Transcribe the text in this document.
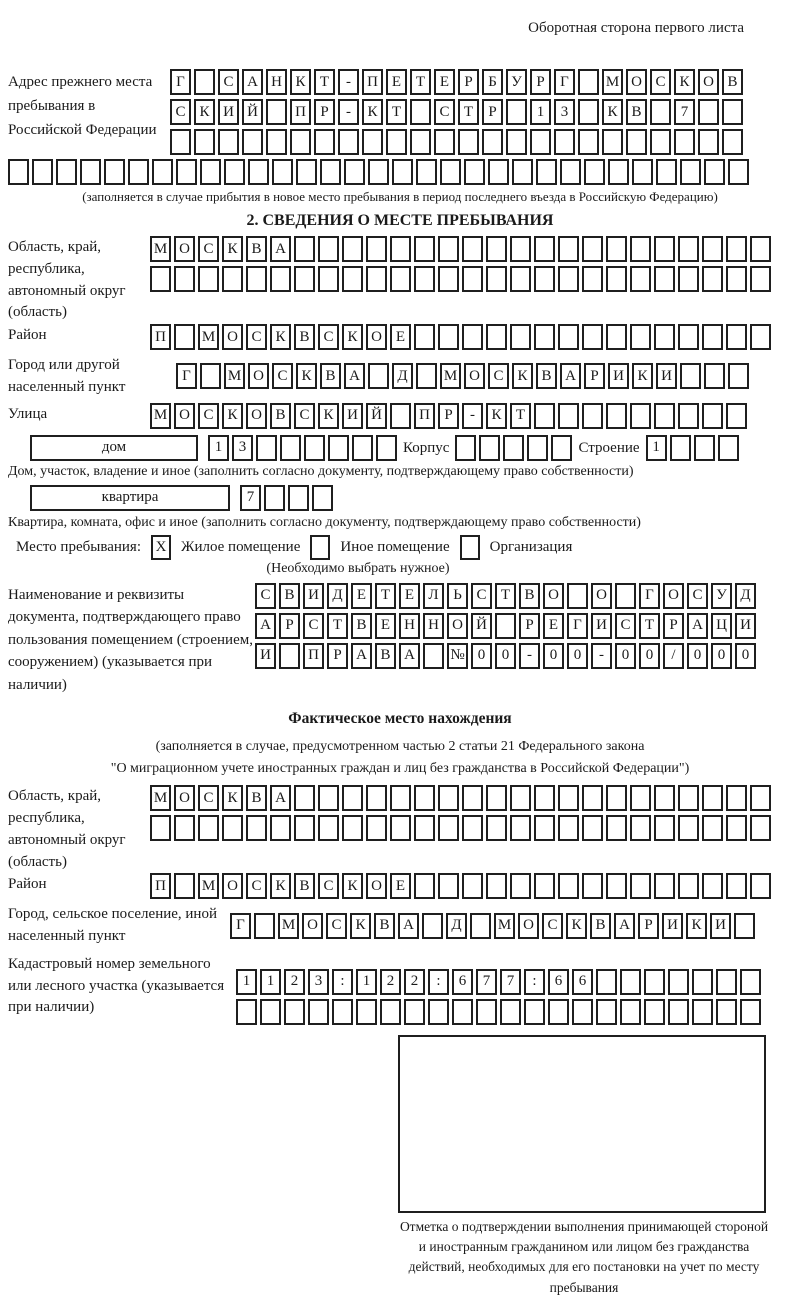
Оборотная сторона первого листа
Адрес прежнего места пребывания в Российской Федерации
Г	С А Н К Т	-	П Е Т Е	Р	Б У Р	Г	М О С К О В
С К И Й	П Р	-	К Т	С Т	Р	1	3	К В	7
(заполняется в случае прибытия в новое место пребывания в период последнего въезда в Российскую Федерацию)
2. СВЕДЕНИЯ О МЕСТЕ ПРЕБЫВАНИЯ
Область, край, республика, автономный округ (область)
М О С К В А
Район	П	М О С К В С К О Е
Город или другой населенный пункт
Г	М О С К В А	Д	М О С К В А Р И К И
Улица	М О С К О В С К И Й	П Р	-	К Т
дом	1	3	Корпус	Строение 1
Дом, участок, владение и иное (заполнить согласно документу, подтверждающему право собственности)
квартира	7
Квартира, комната, офис и иное (заполнить согласно документу, подтверждающему право собственности)
Место пребывания: X Жилое помещение	Иное помещение	Организация
(Необходимо выбрать нужное)
Наименование и реквизиты документа, подтверждающего право пользования помещением (строением, сооружением) (указывается при наличии)
С В И Д Е Т Е Л Ь С Т В О	О	Г О С У Д
А Р С Т В Е Н Н О Й	Р	Е	Г И С Т	Р А Ц И
И	П Р А В А	№ 0	0	-	0	0	-	0	0	/	0	0	0
Фактическое место нахождения
(заполняется в случае, предусмотренном частью 2 статьи 21 Федерального закона
"О миграционном учете иностранных граждан и лиц без гражданства в Российской Федерации")
Область, край, республика, автономный округ (область)
М О С К В А
Район	П	М О С К В С К О Е
Город, сельское поселение, иной населенный пункт
Г	М О С К В А	Д	М О С К В А Р И К И
Кадастровый номер земельного или лесного участка (указывается при наличии)
1	1	2	3	:	1	2	2	:	6	7	7	:	6	6
Отметка о подтверждении выполнения принимающей стороной и иностранным гражданином или лицом без гражданства действий, необходимых для его постановки на учет по месту пребывания
